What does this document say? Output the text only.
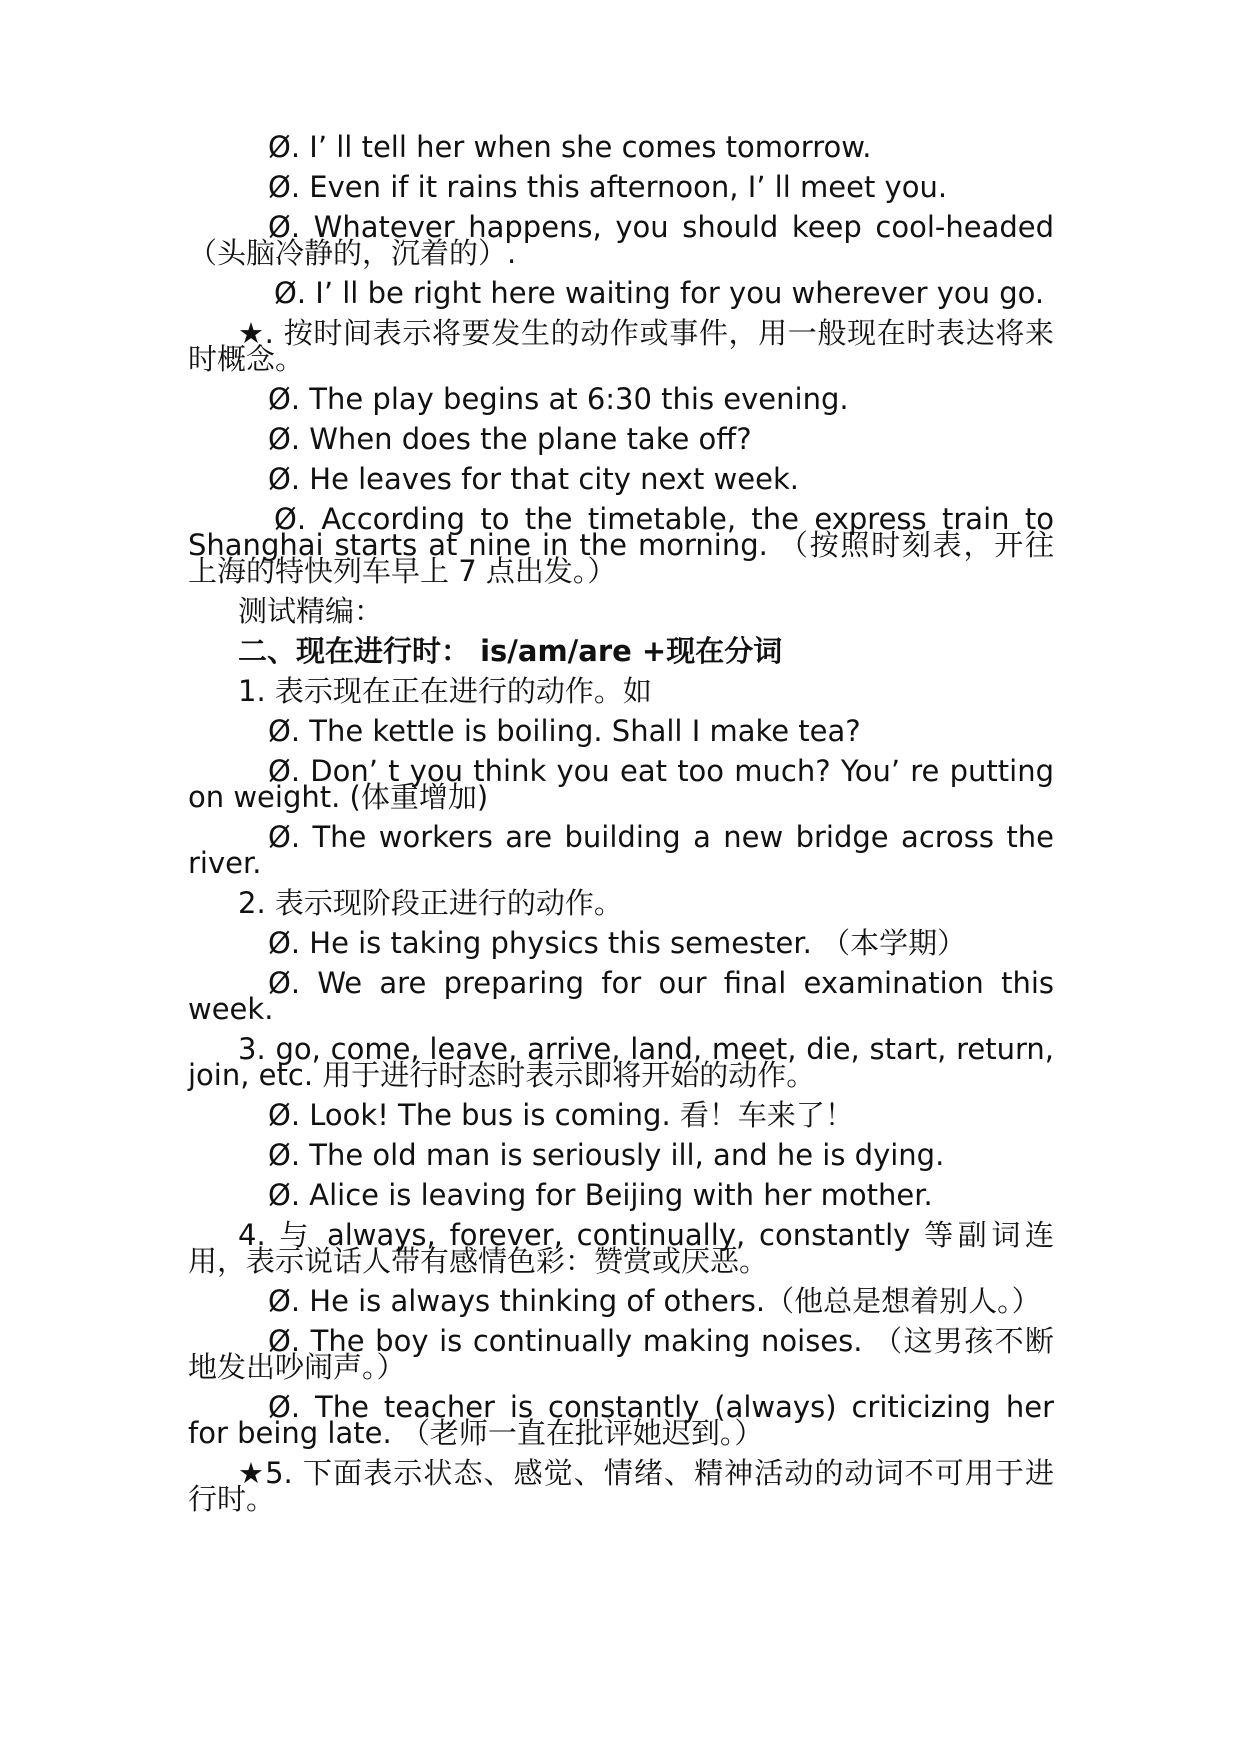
Ø. I’ ll tell her when she comes tomorrow.

Ø. Even if it rains this afternoon, I’ ll meet you.

Ø. Whatever happens, you should keep cool-headed （头脑冷静的，沉着的）.

Ø. I’ ll be right here waiting for you wherever you go.

★. 按时间表示将要发生的动作或事件，用一般现在时表达将来时概念。

Ø. The play begins at 6:30 this evening.

Ø. When does the plane take off?

Ø. He leaves for that city next week.

Ø. According to the timetable, the express train to Shanghai starts at nine in the morning. （按照时刻表，开往上海的特快列车早上 7 点出发。）

测试精编：

二、现在进行时： is/am/are +现在分词

1. 表示现在正在进行的动作。如

Ø. The kettle is boiling. Shall I make tea?

Ø. Don’ t you think you eat too much? You’ re putting on weight. (体重增加)

Ø. The workers are building a new bridge across the river.

2. 表示现阶段正进行的动作。

Ø. He is taking physics this semester. （本学期）

Ø. We are preparing for our final examination this week.

3. go, come, leave, arrive, land, meet, die, start, return, join, etc. 用于进行时态时表示即将开始的动作。

Ø. Look! The bus is coming. 看！车来了！

Ø. The old man is seriously ill, and he is dying.

Ø. Alice is leaving for Beijing with her mother.

4. 与 always, forever, continually, constantly 等副词连用，表示说话人带有感情色彩：赞赏或厌恶。

Ø. He is always thinking of others.（他总是想着别人。）

Ø. The boy is continually making noises. （这男孩不断地发出吵闹声。）

Ø. The teacher is constantly (always) criticizing her for being late. （老师一直在批评她迟到。）

★5. 下面表示状态、感觉、情绪、精神活动的动词不可用于进行时。
